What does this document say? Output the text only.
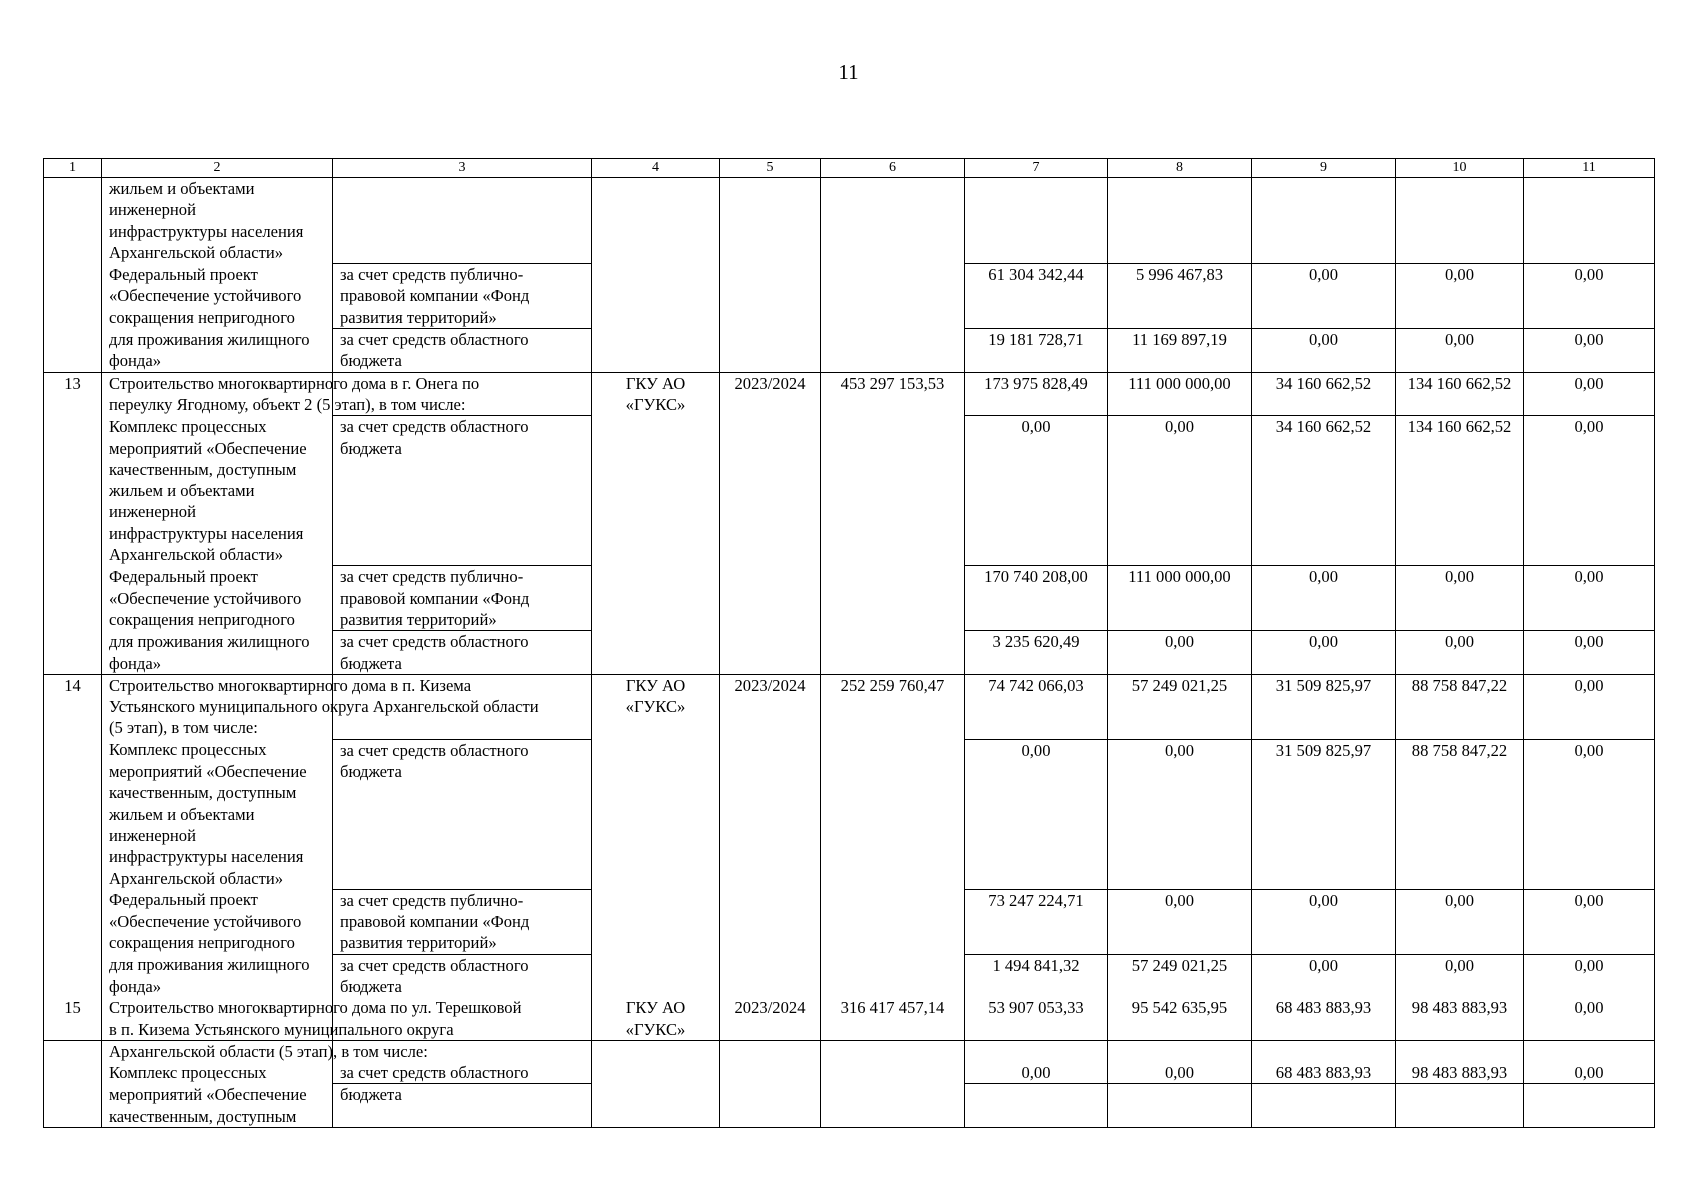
11
1	2	3	4	5	6	7	8	9	10	11
	жильем и объектами									
	инженерной									
	инфраструктуры населения									
	Архангельской области»									
	Федеральный проект	за счет средств публично-				61 304 342,44	5 996 467,83	0,00	0,00	0,00
	«Обеспечение устойчивого	правовой компании «Фонд								
	сокращения непригодного	развития территорий»								
	для проживания жилищного	за счет средств областного				19 181 728,71	11 169 897,19	0,00	0,00	0,00
	фонда»	бюджета								
13	Строительство многоквартирного дома в г. Онега по		ГКУ АО	2023/2024	453 297 153,53	173 975 828,49	111 000 000,00	34 160 662,52	134 160 662,52	0,00
	переулку Ягодному, объект 2 (5 этап), в том числе:		«ГУКС»							
	Комплекс процессных	за счет средств областного				0,00	0,00	34 160 662,52	134 160 662,52	0,00
	мероприятий «Обеспечение	бюджета								
	качественным, доступным									
	жильем и объектами									
	инженерной									
	инфраструктуры населения									
	Архангельской области»									
	Федеральный проект	за счет средств публично-				170 740 208,00	111 000 000,00	0,00	0,00	0,00
	«Обеспечение устойчивого	правовой компании «Фонд								
	сокращения непригодного	развития территорий»								
	для проживания жилищного	за счет средств областного				3 235 620,49	0,00	0,00	0,00	0,00
	фонда»	бюджета								
14	Строительство многоквартирного дома в п. Кизема		ГКУ АО	2023/2024	252 259 760,47	74 742 066,03	57 249 021,25	31 509 825,97	88 758 847,22	0,00
	Устьянского муниципального округа Архангельской области		«ГУКС»							
	(5 этап), в том числе:									
	Комплекс процессных	за счет средств областного				0,00	0,00	31 509 825,97	88 758 847,22	0,00
	мероприятий «Обеспечение	бюджета								
	качественным, доступным									
	жильем и объектами									
	инженерной									
	инфраструктуры населения									
	Архангельской области»									
	Федеральный проект	за счет средств публично-				73 247 224,71	0,00	0,00	0,00	0,00
	«Обеспечение устойчивого	правовой компании «Фонд								
	сокращения непригодного	развития территорий»								
	для проживания жилищного	за счет средств областного				1 494 841,32	57 249 021,25	0,00	0,00	0,00
	фонда»	бюджета								
15	Строительство многоквартирного дома по ул. Терешковой		ГКУ АО	2023/2024	316 417 457,14	53 907 053,33	95 542 635,95	68 483 883,93	98 483 883,93	0,00
	в п. Кизема Устьянского муниципального округа		«ГУКС»							
	Архангельской области (5 этап), в том числе:									
	Комплекс процессных	за счет средств областного				0,00	0,00	68 483 883,93	98 483 883,93	0,00
	мероприятий «Обеспечение	бюджета								
	качественным, доступным									
